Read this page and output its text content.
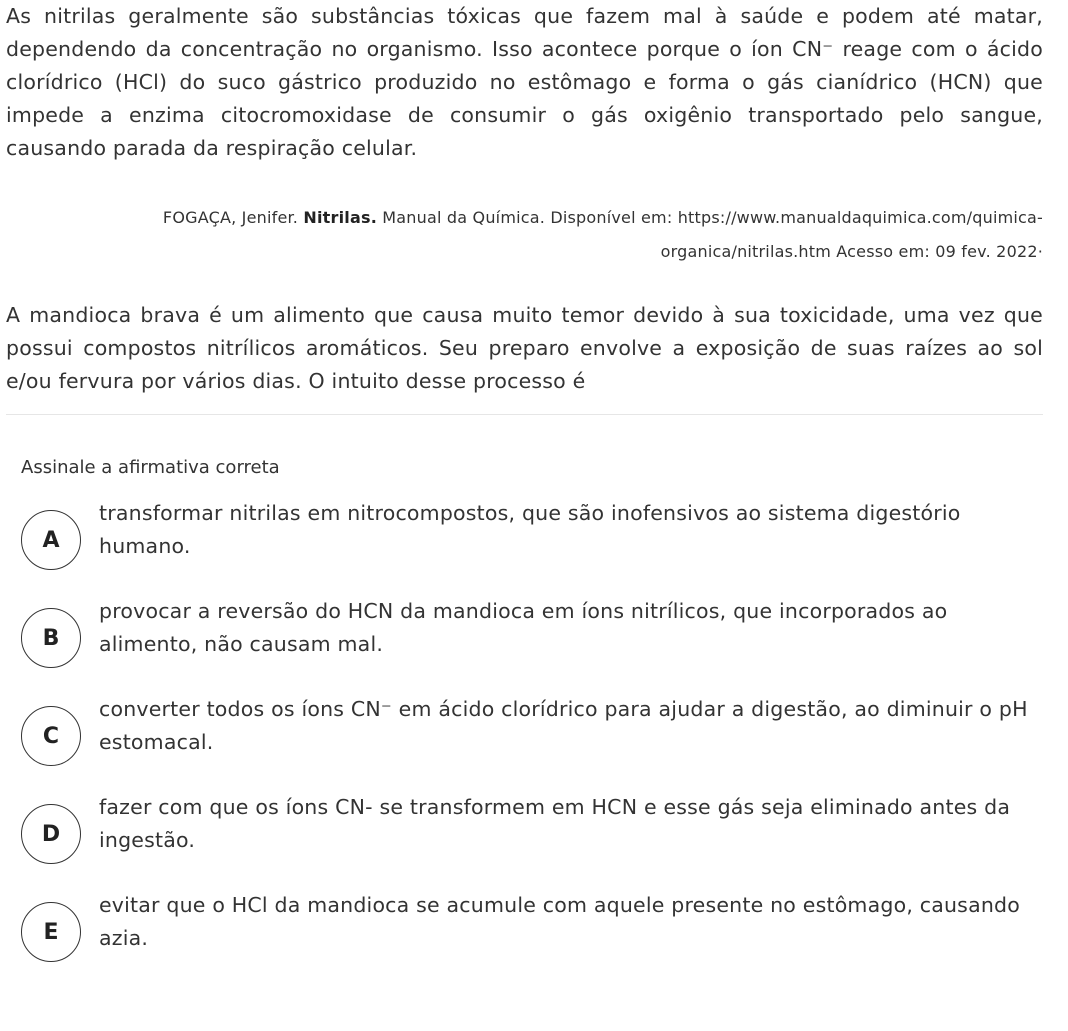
As nitrilas geralmente são substâncias tóxicas que fazem mal à saúde e podem até matar, dependendo da concentração no organismo. Isso acontece porque o íon CN⁻ reage com o ácido clorídrico (HCl) do suco gástrico produzido no estômago e forma o gás cianídrico (HCN) que impede a enzima citocromoxidase de consumir o gás oxigênio transportado pelo sangue, causando parada da respiração celular.

FOGAÇA, Jenifer. Nitrilas. Manual da Química. Disponível em: https://www.manualdaquimica.com/quimica-organica/nitrilas.htm Acesso em: 09 fev. 2022·

A mandioca brava é um alimento que causa muito temor devido à sua toxicidade, uma vez que possui compostos nitrílicos aromáticos. Seu preparo envolve a exposição de suas raízes ao sol e/ou fervura por vários dias. O intuito desse processo é

Assinale a afirmativa correta
A
transformar nitrilas em nitrocompostos, que são inofensivos ao sistema digestório humano.
B
provocar a reversão do HCN da mandioca em íons nitrílicos, que incorporados ao alimento, não causam mal.
C
converter todos os íons CN⁻ em ácido clorídrico para ajudar a digestão, ao diminuir o pH estomacal.
D
fazer com que os íons CN- se transformem em HCN e esse gás seja eliminado antes da ingestão.
E
evitar que o HCl da mandioca se acumule com aquele presente no estômago, causando azia.
